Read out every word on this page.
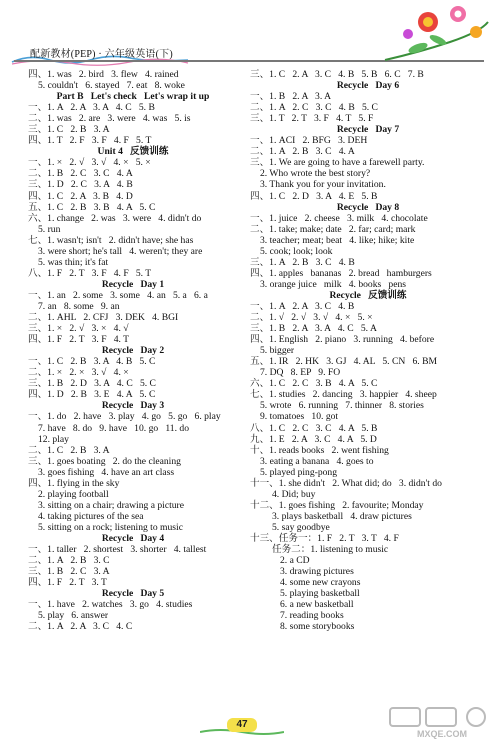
配新教材(PEP) · 六年级英语(下)
四、1. was   2. bird   3. flew   4. rained
5. couldn't   6. stayed   7. eat   8. woke
Part B   Let's check   Let's wrap it up
一、1. A   2. A   3. A   4. C   5. B
二、1. was   2. are   3. were   4. was   5. is
三、1. C   2. B   3. A
四、1. T   2. F   3. F   4. F   5. T
Unit 4   反馈训练
一、1. ×   2. √   3. √   4. ×   5. ×
二、1. B   2. C   3. C   4. A
三、1. D   2. C   3. A   4. B
四、1. C   2. A   3. B   4. D
五、1. C   2. B   3. B   4. A   5. C
六、1. change   2. was   3. were   4. didn't do
5. run
七、1. wasn't; isn't   2. didn't have; she has
3. were short; he's tall   4. weren't; they are
5. was thin; it's fat
八、1. F   2. T   3. F   4. F   5. T
Recycle   Day 1
一、1. an   2. some   3. some   4. an   5. a   6. a
7. an   8. some   9. an
二、1. AHL   2. CFJ   3. DEK   4. BGI
三、1. ×   2. √   3. ×   4. √
四、1. F   2. T   3. F   4. T
Recycle   Day 2
一、1. C   2. B   3. A   4. B   5. C
二、1. ×   2. ×   3. √   4. ×
三、1. B   2. D   3. A   4. C   5. C
四、1. D   2. B   3. E   4. A   5. C
Recycle   Day 3
一、1. do   2. have   3. play   4. go   5. go   6. play
7. have   8. do   9. have   10. go   11. do
12. play
二、1. C   2. B   3. A
三、1. goes boating   2. do the cleaning
3. goes fishing   4. have an art class
四、1. flying in the sky
2. playing football
3. sitting on a chair; drawing a picture
4. taking pictures of the sea
5. sitting on a rock; listening to music
Recycle   Day 4
一、1. taller   2. shortest   3. shorter   4. tallest
二、1. A   2. B   3. C
三、1. B   2. C   3. A
四、1. F   2. T   3. T
Recycle   Day 5
一、1. have   2. watches   3. go   4. studies
5. play   6. answer
二、1. A   2. A   3. C   4. C
三、1. C   2. A   3. C   4. B   5. B   6. C   7. B
Recycle   Day 6
一、1. B   2. A   3. A
二、1. A   2. C   3. C   4. B   5. C
三、1. T   2. T   3. F   4. T   5. F
Recycle   Day 7
一、1. ACI   2. BFG   3. DEH
二、1. A   2. B   3. C   4. A
三、1. We are going to have a farewell party.
2. Who wrote the best story?
3. Thank you for your invitation.
四、1. C   2. D   3. A   4. E   5. B
Recycle   Day 8
一、1. juice   2. cheese   3. milk   4. chocolate
二、1. take; make; date   2. far; card; mark
3. teacher; meat; beat   4. like; hike; kite
5. cook; look; look
三、1. A   2. B   3. C   4. B
四、1. apples   bananas   2. bread   hamburgers
3. orange juice   milk   4. books   pens
Recycle   反馈训练
一、1. A   2. A   3. C   4. B
二、1. √   2. √   3. √   4. ×   5. ×
三、1. B   2. A   3. A   4. C   5. A
四、1. English   2. piano   3. running   4. before
5. bigger
五、1. IR   2. HK   3. GJ   4. AL   5. CN   6. BM
7. DQ   8. EP   9. FO
六、1. C   2. C   3. B   4. A   5. C
七、1. studies   2. dancing   3. happier   4. sheep
5. wrote   6. running   7. thinner   8. stories
9. tomatoes   10. got
八、1. C   2. C   3. C   4. A   5. B
九、1. E   2. A   3. C   4. A   5. D
十、1. reads books   2. went fishing
3. eating a banana   4. goes to
5. played ping-pong
十一、1. she didn't   2. What did; do   3. didn't do
4. Did; buy
十二、1. goes fishing   2. favourite; Monday
3. plays basketball   4. draw pictures
5. say goodbye
十三、任务一：1. F   2. T   3. T   4. F
任务二：1. listening to music
2. a CD
3. drawing pictures
4. some new crayons
5. playing basketball
6. a new basketball
7. reading books
8. some storybooks
47
MXQE.COM
